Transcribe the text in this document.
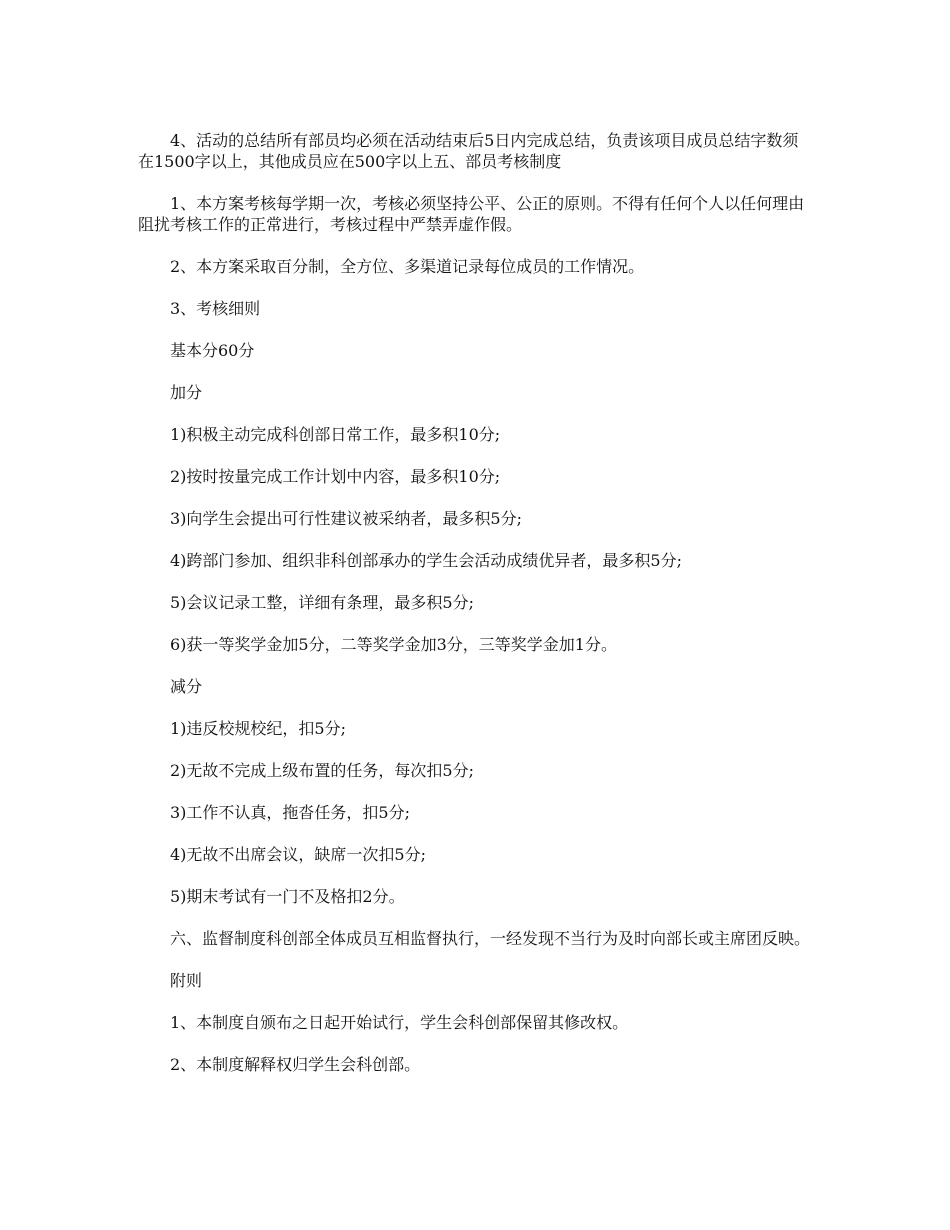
4、活动的总结所有部员均必须在活动结束后5日内完成总结，负责该项目成员总结字数须在1500字以上，其他成员应在500字以上五、部员考核制度

1、本方案考核每学期一次，考核必须坚持公平、公正的原则。不得有任何个人以任何理由阻扰考核工作的正常进行，考核过程中严禁弄虚作假。

2、本方案采取百分制，全方位、多渠道记录每位成员的工作情况。

3、考核细则

基本分60分

加分

1)积极主动完成科创部日常工作，最多积10分;

2)按时按量完成工作计划中内容，最多积10分;

3)向学生会提出可行性建议被采纳者，最多积5分;

4)跨部门参加、组织非科创部承办的学生会活动成绩优异者，最多积5分;

5)会议记录工整，详细有条理，最多积5分;

6)获一等奖学金加5分，二等奖学金加3分，三等奖学金加1分。

减分

1)违反校规校纪，扣5分;

2)无故不完成上级布置的任务，每次扣5分;

3)工作不认真，拖沓任务，扣5分;

4)无故不出席会议，缺席一次扣5分;

5)期末考试有一门不及格扣2分。

六、监督制度科创部全体成员互相监督执行，一经发现不当行为及时向部长或主席团反映。

附则

1、本制度自颁布之日起开始试行，学生会科创部保留其修改权。

2、本制度解释权归学生会科创部。
